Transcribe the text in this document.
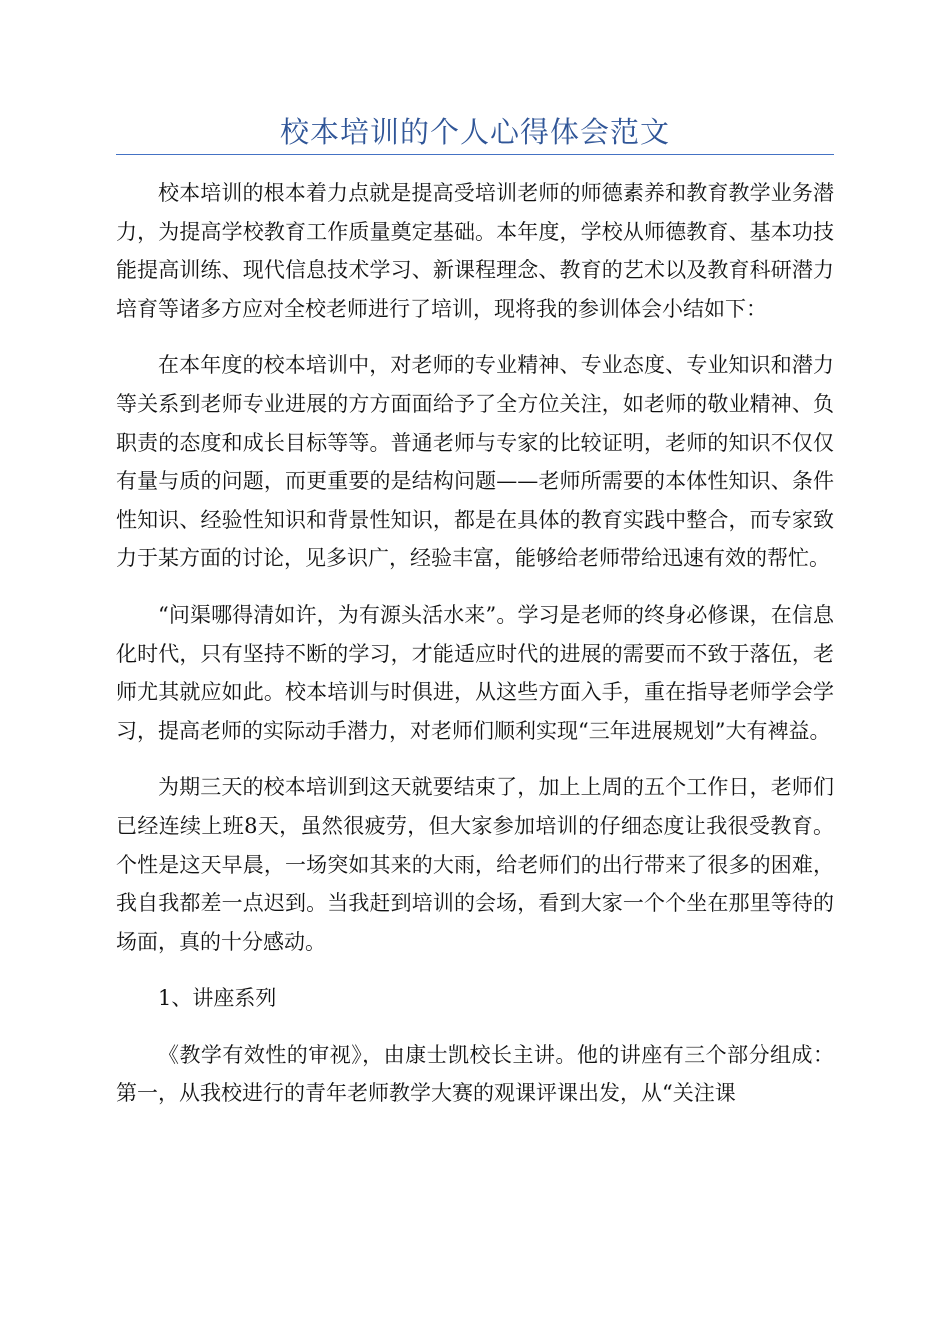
校本培训的个人心得体会范文

校本培训的根本着力点就是提高受培训老师的师德素养和教育教学业务潜力，为提高学校教育工作质量奠定基础。本年度，学校从师德教育、基本功技能提高训练、现代信息技术学习、新课程理念、教育的艺术以及教育科研潜力培育等诸多方应对全校老师进行了培训，现将我的参训体会小结如下：

在本年度的校本培训中，对老师的专业精神、专业态度、专业知识和潜力等关系到老师专业进展的方方面面给予了全方位关注，如老师的敬业精神、负职责的态度和成长目标等等。普通老师与专家的比较证明，老师的知识不仅仅有量与质的问题，而更重要的是结构问题——老师所需要的本体性知识、条件性知识、经验性知识和背景性知识，都是在具体的教育实践中整合，而专家致力于某方面的讨论，见多识广，经验丰富，能够给老师带给迅速有效的帮忙。

“问渠哪得清如许，为有源头活水来”。学习是老师的终身必修课，在信息化时代，只有坚持不断的学习，才能适应时代的进展的需要而不致于落伍，老师尤其就应如此。校本培训与时俱进，从这些方面入手，重在指导老师学会学习，提高老师的实际动手潜力，对老师们顺利实现“三年进展规划”大有裨益。

为期三天的校本培训到这天就要结束了，加上上周的五个工作日，老师们已经连续上班8天，虽然很疲劳，但大家参加培训的仔细态度让我很受教育。个性是这天早晨，一场突如其来的大雨，给老师们的出行带来了很多的困难，我自我都差一点迟到。当我赶到培训的会场，看到大家一个个坐在那里等待的场面，真的十分感动。

1、讲座系列

《教学有效性的审视》，由康士凯校长主讲。他的讲座有三个部分组成：第一，从我校进行的青年老师教学大赛的观课评课出发，从“关注课
